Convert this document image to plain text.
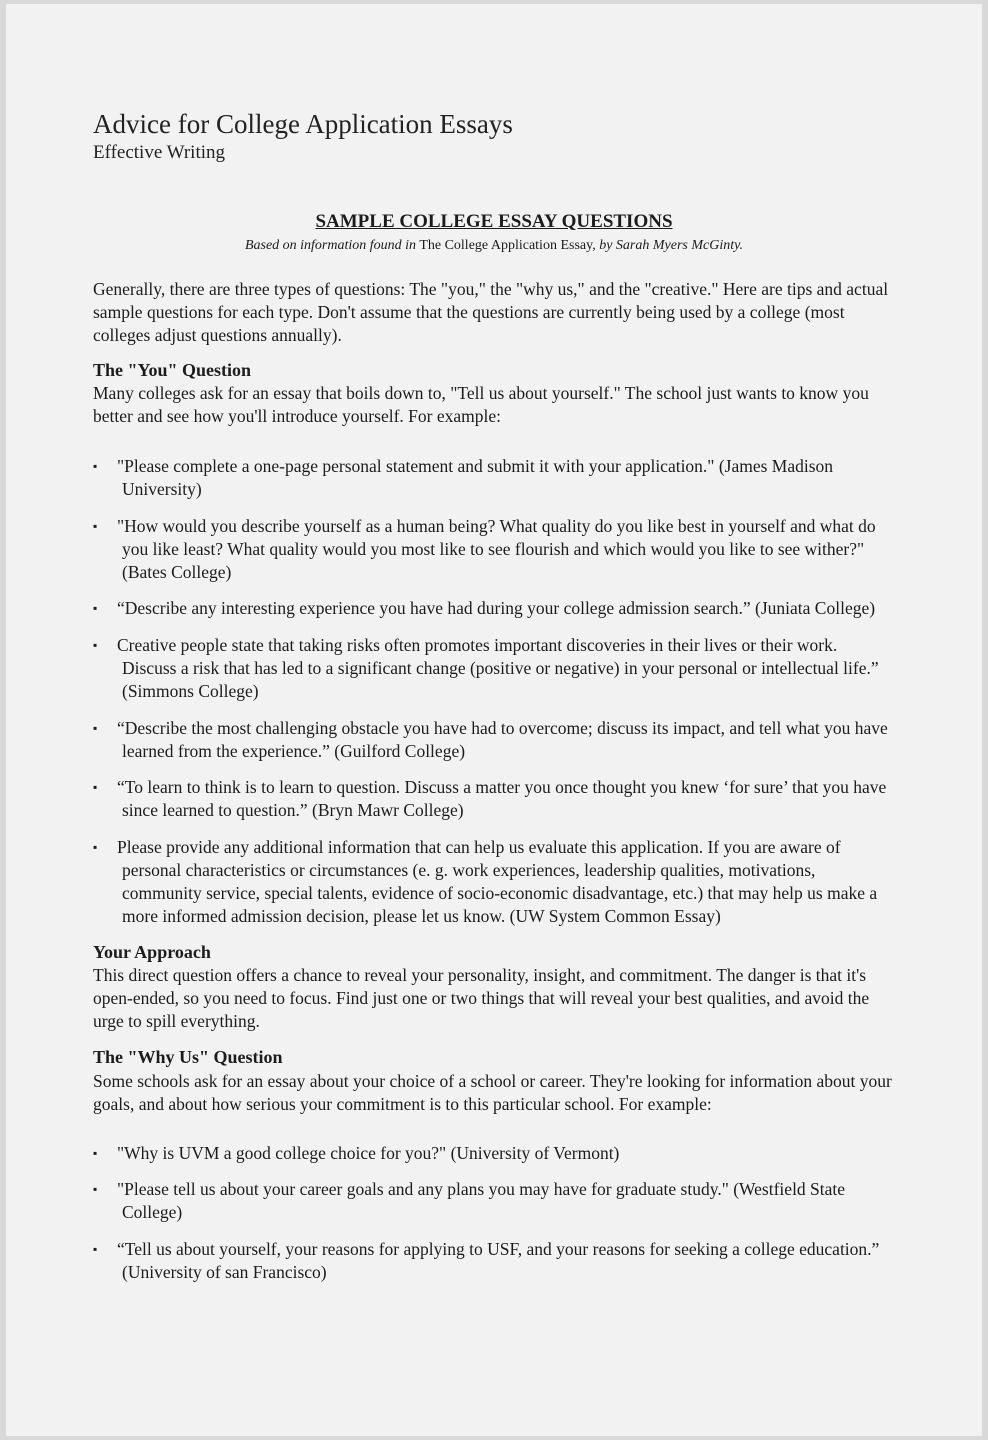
Advice for College Application Essays
Effective Writing
SAMPLE COLLEGE ESSAY QUESTIONS
Based on information found in The College Application Essay, by Sarah Myers McGinty.
Generally, there are three types of questions: The "you," the "why us," and the "creative." Here are tips and actual sample questions for each type. Don't assume that the questions are currently being used by a college (most colleges adjust questions annually).
The "You" Question
Many colleges ask for an essay that boils down to, "Tell us about yourself." The school just wants to know you better and see how you'll introduce yourself. For example:
▪	"Please complete a one-page personal statement and submit it with your application." (James Madison University)
▪	"How would you describe yourself as a human being? What quality do you like best in yourself and what do you like least? What quality would you most like to see flourish and which would you like to see wither?" (Bates College)
▪	“Describe any interesting experience you have had during your college admission search.” (Juniata College)
▪	Creative people state that taking risks often promotes important discoveries in their lives or their work. Discuss a risk that has led to a significant change (positive or negative) in your personal or intellectual life.” (Simmons College)
▪	“Describe the most challenging obstacle you have had to overcome; discuss its impact, and tell what you have learned from the experience.” (Guilford College)
▪	“To learn to think is to learn to question. Discuss a matter you once thought you knew ‘for sure’ that you have since learned to question.” (Bryn Mawr College)
▪	Please provide any additional information that can help us evaluate this application. If you are aware of personal characteristics or circumstances (e. g. work experiences, leadership qualities, motivations, community service, special talents, evidence of socio-economic disadvantage, etc.) that may help us make a more informed admission decision, please let us know. (UW System Common Essay)
Your Approach
This direct question offers a chance to reveal your personality, insight, and commitment. The danger is that it's open-ended, so you need to focus. Find just one or two things that will reveal your best qualities, and avoid the urge to spill everything.
The "Why Us" Question
Some schools ask for an essay about your choice of a school or career. They're looking for information about your goals, and about how serious your commitment is to this particular school. For example:
▪	"Why is UVM a good college choice for you?" (University of Vermont)
▪	"Please tell us about your career goals and any plans you may have for graduate study." (Westfield State College)
▪	“Tell us about yourself, your reasons for applying to USF, and your reasons for seeking a college education.” (University of san Francisco)
